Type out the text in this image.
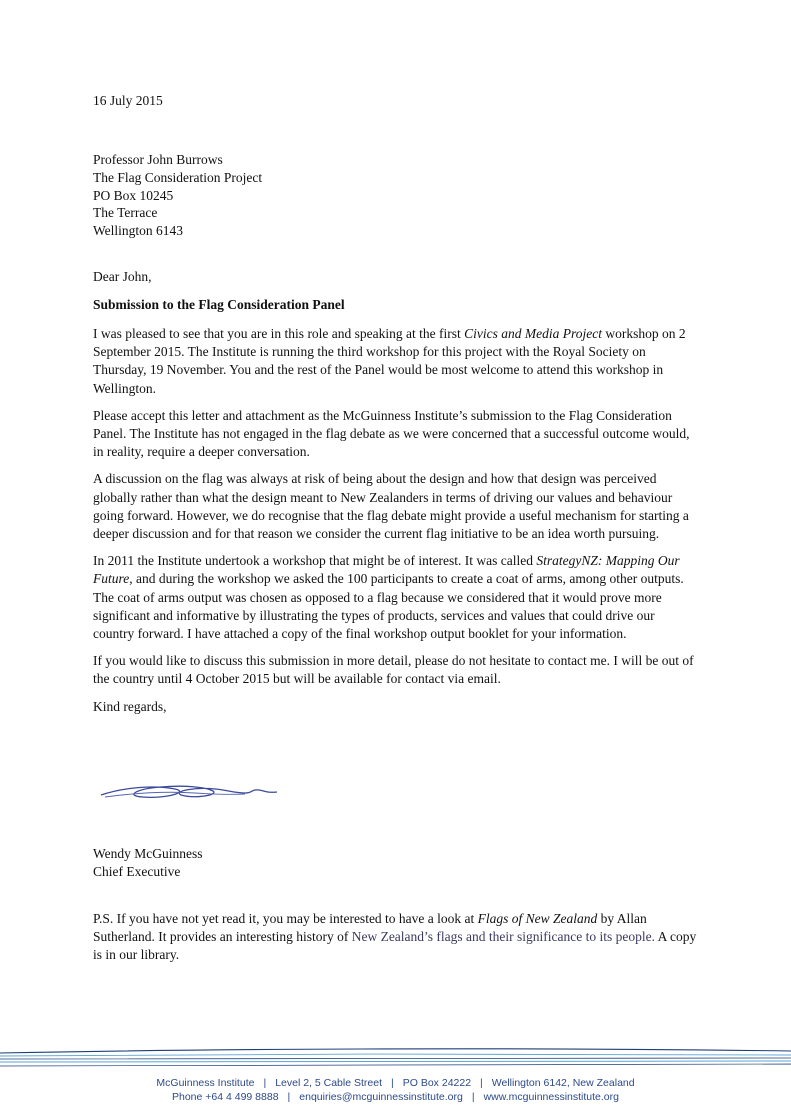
16 July 2015
Professor John Burrows
The Flag Consideration Project
PO Box 10245
The Terrace
Wellington 6143
Dear John,
Submission to the Flag Consideration Panel

I was pleased to see that you are in this role and speaking at the first Civics and Media Project workshop on 2 September 2015. The Institute is running the third workshop for this project with the Royal Society on Thursday, 19 November. You and the rest of the Panel would be most welcome to attend this workshop in Wellington.

Please accept this letter and attachment as the McGuinness Institute’s submission to the Flag Consideration Panel. The Institute has not engaged in the flag debate as we were concerned that a successful outcome would, in reality, require a deeper conversation.

A discussion on the flag was always at risk of being about the design and how that design was perceived globally rather than what the design meant to New Zealanders in terms of driving our values and behaviour going forward. However, we do recognise that the flag debate might provide a useful mechanism for starting a deeper discussion and for that reason we consider the current flag initiative to be an idea worth pursuing.

In 2011 the Institute undertook a workshop that might be of interest. It was called StrategyNZ: Mapping Our Future, and during the workshop we asked the 100 participants to create a coat of arms, among other outputs. The coat of arms output was chosen as opposed to a flag because we considered that it would prove more significant and informative by illustrating the types of products, services and values that could drive our country forward. I have attached a copy of the final workshop output booklet for your information.

If you would like to discuss this submission in more detail, please do not hesitate to contact me. I will be out of the country until 4 October 2015 but will be available for contact via email.

Kind regards,

Wendy McGuinness
Chief Executive
P.S. If you have not yet read it, you may be interested to have a look at Flags of New Zealand by Allan Sutherland. It provides an interesting history of New Zealand’s flags and their significance to its people. A copy is in our library.
McGuinness Institute | Level 2, 5 Cable Street | PO Box 24222 | Wellington 6142, New Zealand
Phone +64 4 499 8888 | enquiries@mcguinnessinstitute.org | www.mcguinnessinstitute.org
